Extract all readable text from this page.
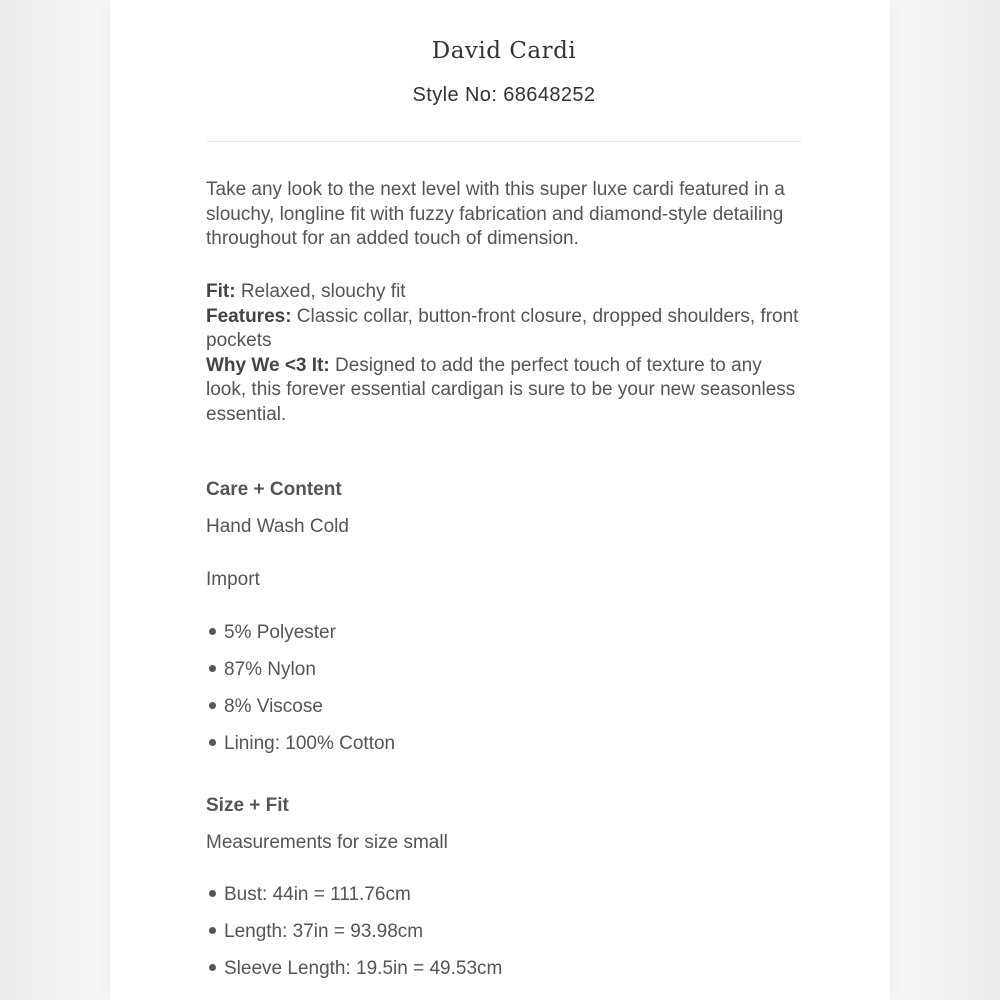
David Cardi
Style No: 68648252

Take any look to the next level with this super luxe cardi featured in a slouchy, longline fit with fuzzy fabrication and diamond-style detailing throughout for an added touch of dimension.

Fit: Relaxed, slouchy fit

Features: Classic collar, button-front closure, dropped shoulders, front pockets

Why We <3 It: Designed to add the perfect touch of texture to any look, this forever essential cardigan is sure to be your new seasonless essential.

Care + Content
Hand Wash Cold
Import
5% Polyester
87% Nylon
8% Viscose
Lining: 100% Cotton
Size + Fit
Measurements for size small
Bust: 44in = 111.76cm
Length: 37in = 93.98cm
Sleeve Length: 19.5in = 49.53cm
